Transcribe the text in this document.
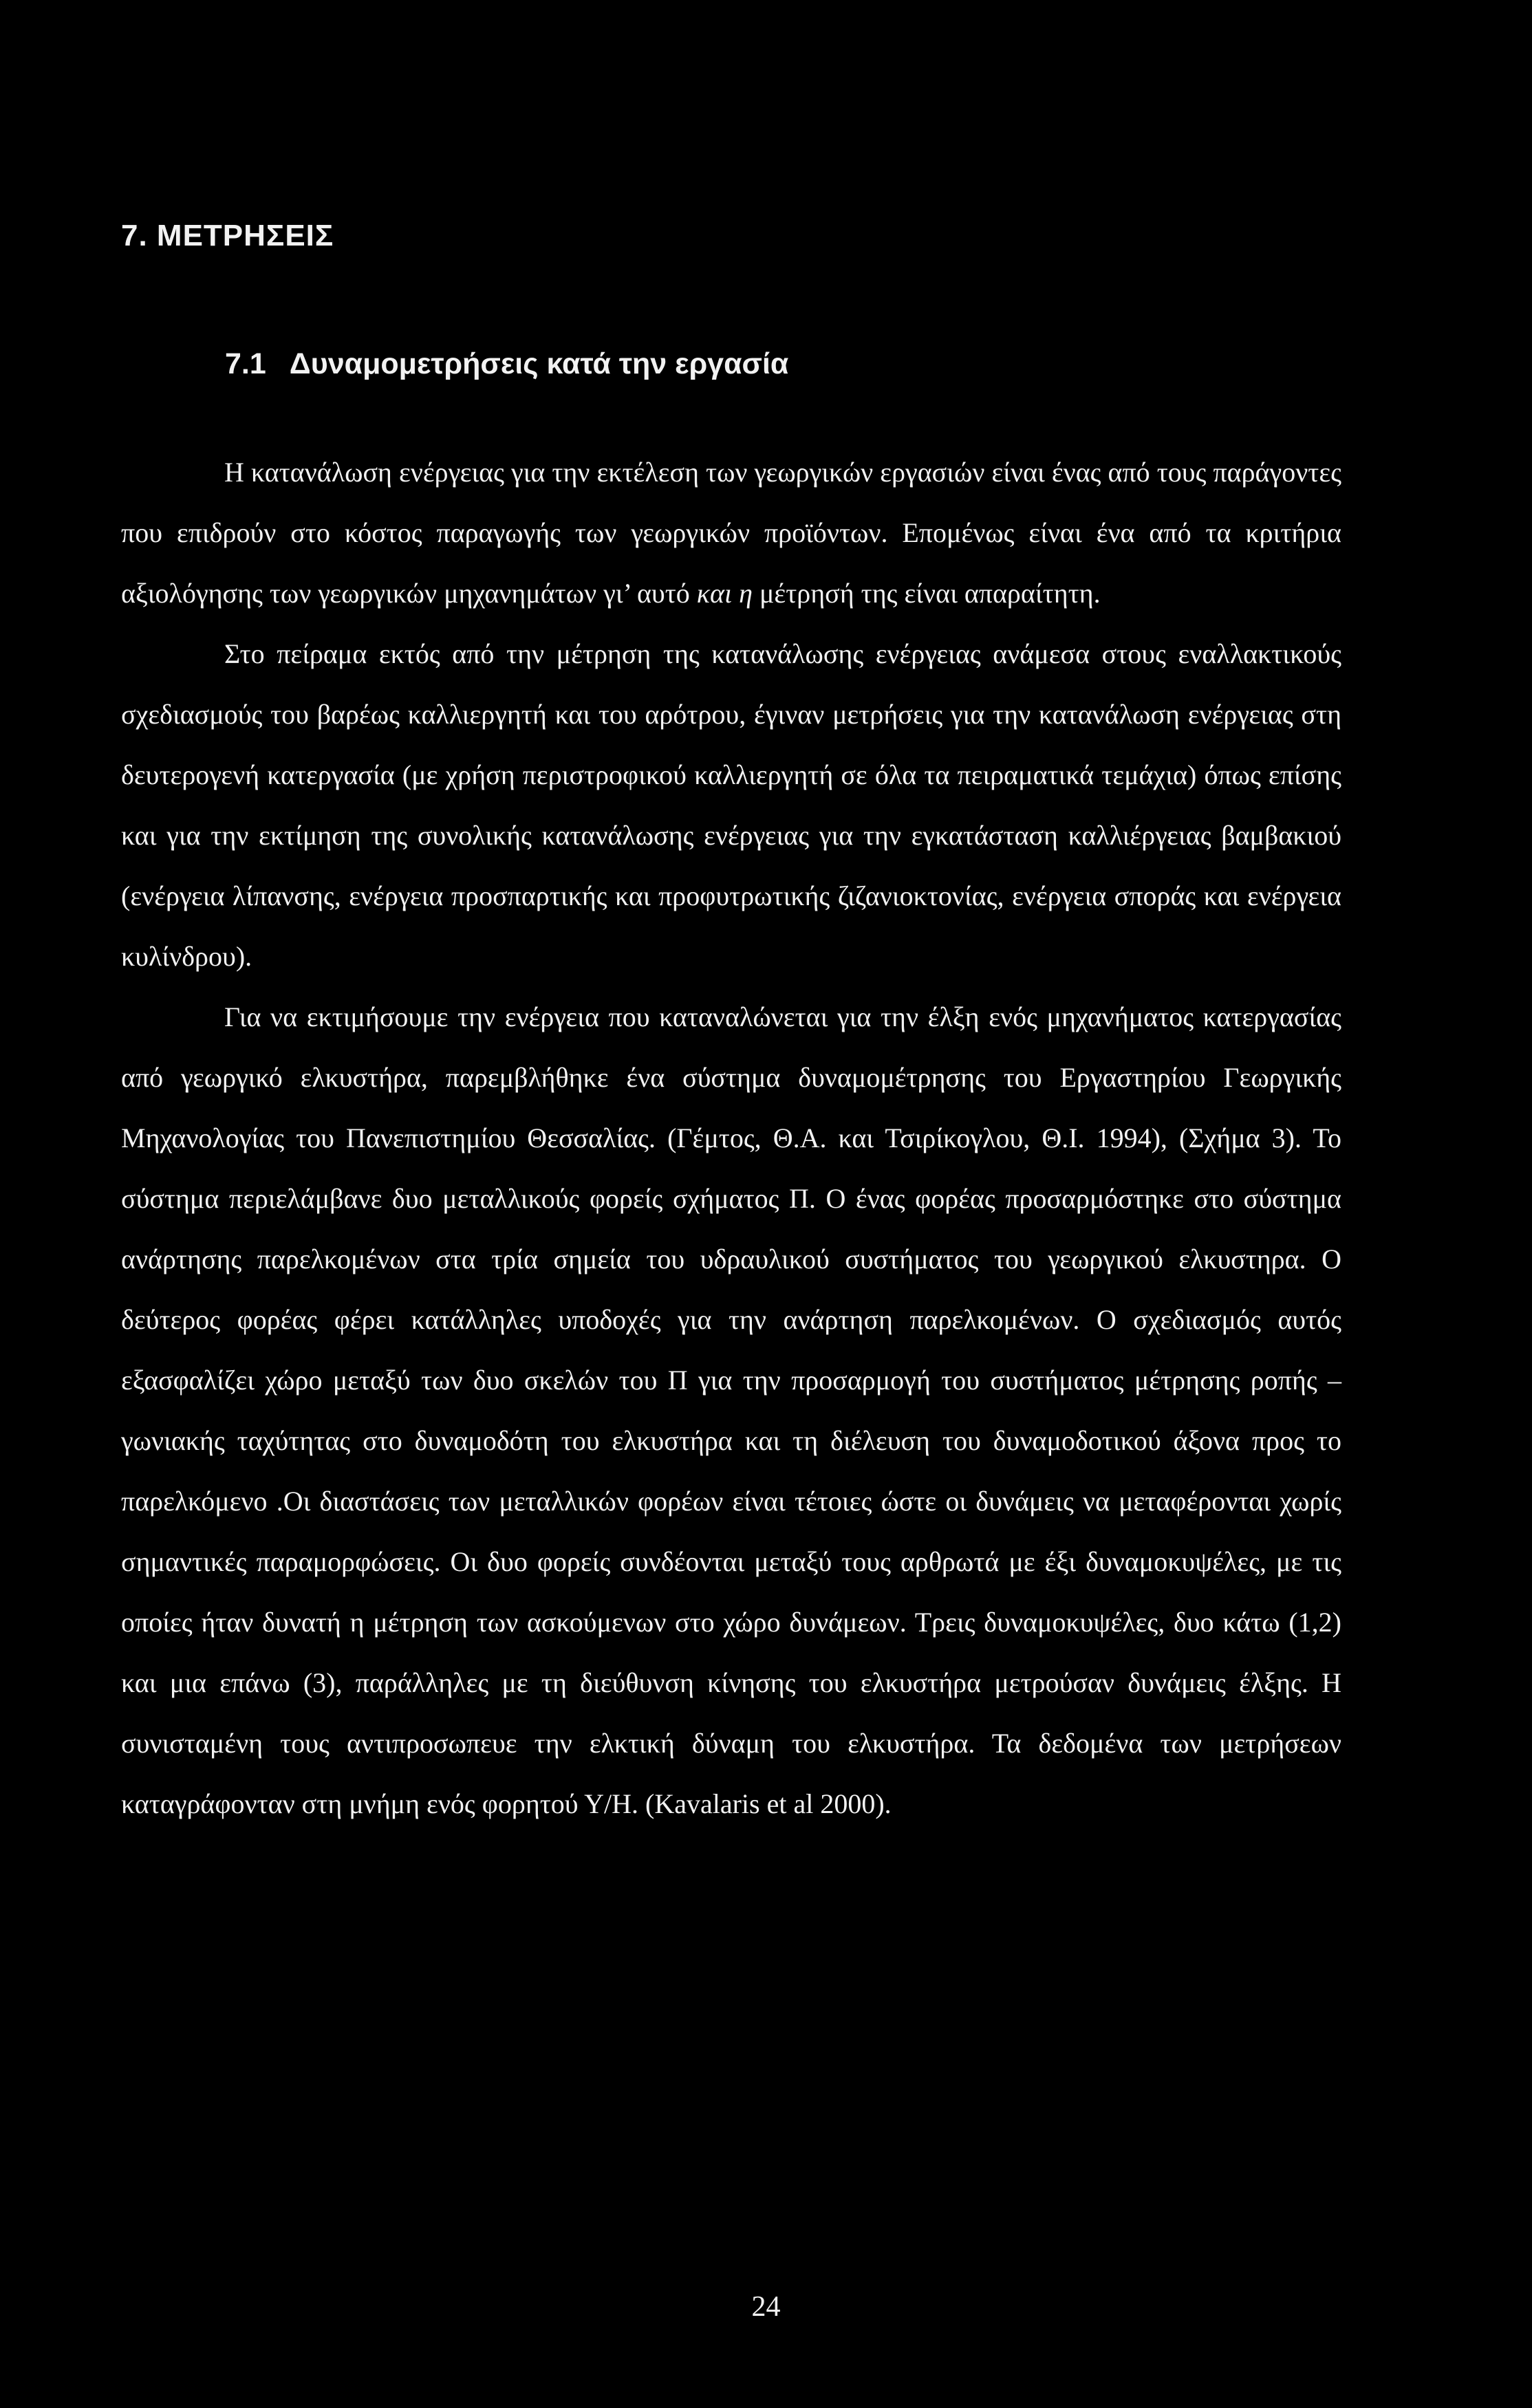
7. ΜΕΤΡΗΣΕΙΣ
7.1 Δυναμομετρήσεις κατά την εργασία

Η κατανάλωση ενέργειας για την εκτέλεση των γεωργικών εργασιών είναι ένας από τους παράγοντες που επιδρούν στο κόστος παραγωγής των γεωργικών προϊόντων. Επομένως είναι ένα από τα κριτήρια αξιολόγησης των γεωργικών μηχανημάτων γι’ αυτό και η μέτρησή της είναι απαραίτητη.

Στο πείραμα εκτός από την μέτρηση της κατανάλωσης ενέργειας ανάμεσα στους εναλλακτικούς σχεδιασμούς του βαρέως καλλιεργητή και του αρότρου, έγιναν μετρήσεις για την κατανάλωση ενέργειας στη δευτερογενή κατεργασία (με χρήση περιστροφικού καλλιεργητή σε όλα τα πειραματικά τεμάχια) όπως επίσης και για την εκτίμηση της συνολικής κατανάλωσης ενέργειας για την εγκατάσταση καλλιέργειας βαμβακιού (ενέργεια λίπανσης, ενέργεια προσπαρτικής και προφυτρωτικής ζιζανιοκτονίας, ενέργεια σποράς και ενέργεια κυλίνδρου).

Για να εκτιμήσουμε την ενέργεια που καταναλώνεται για την έλξη ενός μηχανήματος κατεργασίας από γεωργικό ελκυστήρα, παρεμβλήθηκε ένα σύστημα δυναμομέτρησης του Εργαστηρίου Γεωργικής Μηχανολογίας του Πανεπιστημίου Θεσσαλίας. (Γέμτος, Θ.Α. και Τσιρίκογλου, Θ.Ι. 1994), (Σχήμα 3). Το σύστημα περιελάμβανε δυο μεταλλικούς φορείς σχήματος Π. Ο ένας φορέας προσαρμόστηκε στο σύστημα ανάρτησης παρελκομένων στα τρία σημεία του υδραυλικού συστήματος του γεωργικού ελκυστηρα. Ο δεύτερος φορέας φέρει κατάλληλες υποδοχές για την ανάρτηση παρελκομένων. Ο σχεδιασμός αυτός εξασφαλίζει χώρο μεταξύ των δυο σκελών του Π για την προσαρμογή του συστήματος μέτρησης ροπής – γωνιακής ταχύτητας στο δυναμοδότη του ελκυστήρα και τη διέλευση του δυναμοδοτικού άξονα προς το παρελκόμενο .Οι διαστάσεις των μεταλλικών φορέων είναι τέτοιες ώστε οι δυνάμεις να μεταφέρονται χωρίς σημαντικές παραμορφώσεις. Οι δυο φορείς συνδέονται μεταξύ τους αρθρωτά με έξι δυναμοκυψέλες, με τις οποίες ήταν δυνατή η μέτρηση των ασκούμενων στο χώρο δυνάμεων. Τρεις δυναμοκυψέλες, δυο κάτω (1,2) και μια επάνω (3), παράλληλες με τη διεύθυνση κίνησης του ελκυστήρα μετρούσαν δυνάμεις έλξης. Η συνισταμένη τους αντιπροσωπευε την ελκτική δύναμη του ελκυστήρα. Τα δεδομένα των μετρήσεων καταγράφονταν στη μνήμη ενός φορητού Υ/Η. (Kavalaris et al 2000).

24
